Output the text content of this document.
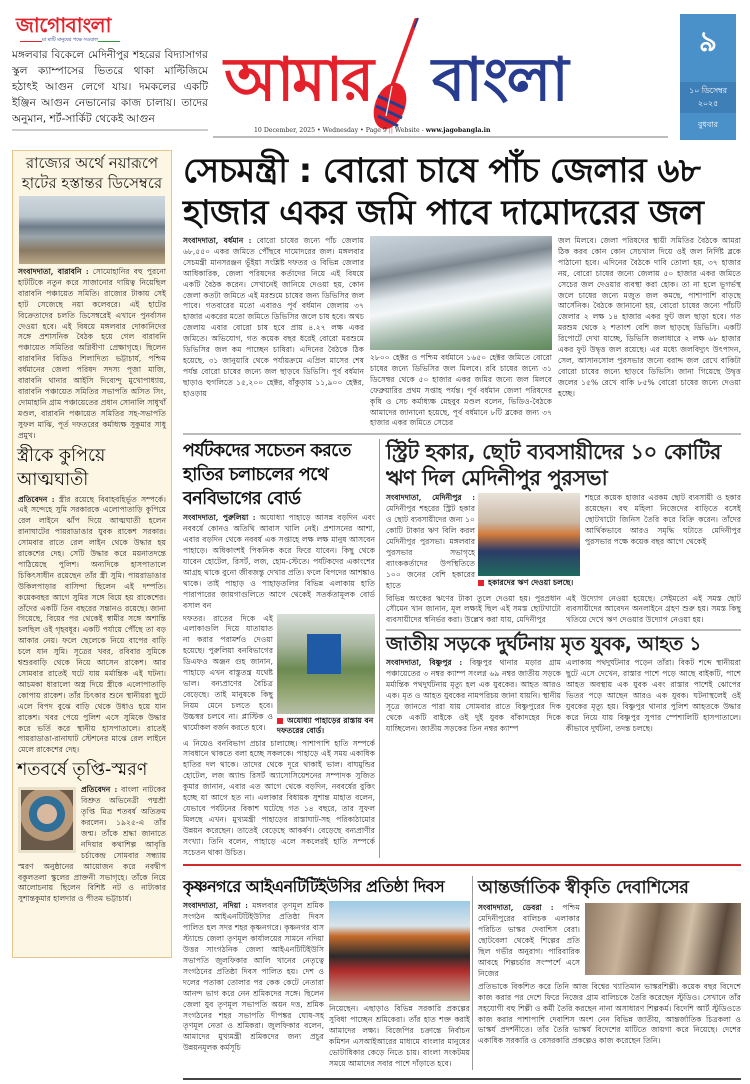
জাগোবাংলা
মা মাটি মানুষের পক্ষে সওয়াল
মঙ্গলবার বিকেলে মেদিনীপুর শহরের বিদ্যাসাগর স্কুল ক্যাম্পাসের ভিতরে থাকা মাল্টিজিমে হঠাৎই আগুন লেগে যায়। দমকলের একটি ইঞ্জিন আগুন নেভানোর কাজ চালায়। তাদের অনুমান, শর্ট-সার্কিট থেকেই আগুন
আমার বাংলা
10 December, 2025 • Wednesday • Page 9 || Website - www.jagobangla.in
৯
১০ ডিসেম্বর
২০২৫
বুধবার
রাজ্যের অর্থে নয়ারূপে হাটের হস্তান্তর ডিসেম্বরে
সংবাদদাতা, বারাবনি : সোমোহানির বহু পুরনো হাটটিকে নতুন করে সাজানোর দায়িত্ব নিয়েছিল বারাবনি পঞ্চায়েত সমিতি। রাজ্যের টাকায় সেই হাট সেজেছে নয়া কলেবরে। এই হাটের বিক্রেতাদের চলতি ডিসেম্বরেই এখানে পুনর্বাসন দেওয়া হবে। এই বিষয়ে মঙ্গলবার দোকানিদের সঙ্গে প্রশাসনিক বৈঠক হয়ে গেল বারাবনি পঞ্চায়েত সমিতির অগ্নিবীণা প্রেক্ষাগৃহে। ছিলেন বারাবনির বিডিও শিলাদিত্য ভট্টাচার্য, পশ্চিম বর্ধমানের জেলা পরিষদ সদস্য পূজা মাজি, বারাবনি থানার আইসি দিব্যেন্দু মুখোপাধ্যায়, বারাবনি পঞ্চায়েত সমিতির সভাপতি অসিত সিং, দোমাহানি গ্রাম পঞ্চায়েতের প্রধান সোনালি সাধুখাঁ মণ্ডল, বারাবনি পঞ্চায়েত সমিতির সহ-সভাপতি সুফল মাঝি, পূর্ত দফতরের কর্মাধ্যক্ষ সুকুমার সাধু প্রমুখ।
স্ত্রীকে কুপিয়ে আত্মঘাতী
প্রতিবেদন : স্ত্রীর রয়েছে বিবাহবহির্ভূত সম্পর্কে। এই সন্দেহে সুমি সরকারকে এলোপাতাড়ি কুপিয়ে রেল লাইনে ঝাঁপ দিয়ে আত্মঘাতী হলেন রানাঘাটের পায়রাডাঙার যুবক রাকেশ সরকার। সোমবার রাতে রেল লাইন থেকে উদ্ধার হয় রাকেশের দেহ। সেটি উদ্ধার করে ময়নাতদন্তে পাঠিয়েছে পুলিশ। অন্যদিকে হাসপাতালে চিকিৎসাধীন রয়েছেন তাঁর স্ত্রী সুমি। পায়রাডাঙার উকিলপাড়ার বাসিন্দা ছিলেন এই দম্পতি। কয়েকবছর আগে সুমির সঙ্গে বিয়ে হয় রাকেশের। তাঁদের একটি তিন বছরের সন্তানও রয়েছে। জানা গিয়েছে, বিয়ের পর থেকেই স্বামীর সঙ্গে অশান্তি চলছিল ওই গৃহবধূর। একটি পর্যায়ে পৌঁছে তা বড় আকার নেয়। ফলে ছেলেকে নিয়ে বাপের বাড়ি চলে যান সুমি। সূত্রের খবর, রবিবার সুমিকে শ্বশুরবাড়ি থেকে নিয়ে আসেন রাকেশ। আর সোমবার রাতেই ঘটে যায় মর্মান্তিক এই ঘটনা। আচমকা ধারালো অস্ত্র দিয়ে স্ত্রীকে এলোপাতাড়ি কোপায় রাকেশ। তাঁর চিৎকার শুনে স্থানীয়রা ছুটে এলে বিপদ বুঝে বাড়ি থেকে উধাও হয়ে যান রাকেশ। খবর পেয়ে পুলিশ এসে সুমিকে উদ্ধার করে ভর্তি করে স্থানীয় হাসপাতালে। রাতেই পায়রাডাঙা-রানাঘাট স্টেশনের মাঝে রেল লাইনে মেলে রাকেশের দেহ।
শতবর্ষে তৃপ্তি-স্মরণ
প্রতিবেদন : বাংলা নাটকের বিশ্রুত অভিনেত্রী পদ্মশ্রী তৃপ্তি মিত্র শতবর্ষ অতিক্রম করলেন। ১৯২৫-এ তাঁর জন্ম। তাঁকে শ্রদ্ধা জানাতে নদিয়ার কথাশিল্প আবৃত্তি চর্চাকেন্দ্র সোমবার সন্ধ্যায় স্মরণ অনুষ্ঠানের আয়োজন করে নবদ্বীপ বকুলতলা স্কুলের প্রাক্তনী সভাগৃহে। তাঁকে নিয়ে আলোচনায় ছিলেন বিশিষ্ট নট ও নাট্যকার সুশান্তকুমার হালদার ও পীতম ভট্টাচার্য।
সেচমন্ত্রী : বোরো চাষে পাঁচ জেলার ৬৮ হাজার একর জমি পাবে দামোদরের জল
সংবাদদাতা, বর্ধমান : বোরো চাষের জন্যে পাঁচ জেলায় ৬৮,৫৫০ একর জমিতে পৌঁছবে দামোদরের জল। মঙ্গলবার সেচমন্ত্রী মানসরঞ্জন ভূঁইয়া সংশ্লিষ্ট দফতর ও বিভিন্ন জেলার আধিকারিক, জেলা পরিষদের কর্তাদের নিয়ে এই বিষয়ে একটি বৈঠক করেন। সেখানেই জানিয়ে দেওয়া হয়, কোন জেলা কতটা জমিতে এই মরশুমে চাষের জন্য ডিভিসির জল পাবে। গতবারের মতো এবারও পূর্ব বর্ধমান জেলায় ৩৭ হাজার একরের মতো জমিতে ডিভিসির জলে চাষ হবে। অথচ জেলায় এবার বোরো চাষ হবে প্রায় ৪.২৭ লক্ষ একর জমিতে। অভিযোগ, গত কয়েক বছর ধরেই বোরো মরশুমে ডিভিসির জল কম পাচ্ছেন চাষিরা। এদিনের বৈঠকে ঠিক হয়েছে, ৩১ জানুয়ারি থেকে পর্যায়ক্রমে এপ্রিল মাসের শেষ পর্যন্ত বোরো চাষের জন্যে জল ছাড়বে ডিভিসি। পূর্ব বর্ধমান ছাড়াও হুগলিতে ১৫,২০০ হেক্টর, বাঁকুড়ায় ১১,৯০০ হেক্টর, হাওড়ায়
২৮০০ হেক্টর ও পশ্চিম বর্ধমানে ১৬৫০ হেক্টর জমিতে বোরো চাষের জন্যে ডিভিসির জল মিলবে। রবি চাষের জন্যে ৩১ ডিসেম্বর থেকে ৫০ হাজার একর জমির জন্যে জল মিলবে ফেব্রুয়ারির প্রথম সপ্তাহ পর্যন্ত। পূর্ব বর্ধমান জেলা পরিষদের কৃষি ও সেচ কর্মাধ্যক্ষ মেহবুব মণ্ডল বলেন, ভিডিও-বৈঠকে আমাদের জানানো হয়েছে, পূর্ব বর্ধমানে ৮টি ব্লকের জন্য ৩৭ হাজার একর জমিতে সেচের
জল মিলবে। জেলা পরিষদের স্থায়ী সমিতির বৈঠকে আমরা ঠিক করব কোন কোন সেচখাল দিয়ে ওই জল নির্দিষ্ট ব্লকে পাঠানো হবে। এদিনের বৈঠকে দাবি তোলা হয়, ৩৭ হাজার নয়, বোরো চাষের জন্যে জেলায় ৫০ হাজার একর জমিতে সেচের জল দেওয়ার ব্যবস্থা করা হোক। তা না হলে ভূগর্ভস্থ জলে চাষের জন্যে মজুত জল কমছে, পাশাপাশি বাড়ছে আর্সেনিক। বৈঠকে জানানো হয়, বোরো চাষের জন্যে পাঁচটি জেলার ২ লক্ষ ১৪ হাজার একর ফুট জল ছাড়া হবে। গত মরশুম থেকে ২ শতাংশ বেশি জল ছাড়ছে ডিভিসি। একটি রিপোর্টে দেখা যাচ্ছে, ডিভিসি জলাধারে ২ লক্ষ ৬৮ হাজার একর ফুট উদ্বৃত্ত জল রয়েছে। এর মধ্যে জলবিদ্যুৎ উৎপাদন, সেল, আসানসোল পুরসভার জন্যে বরাদ্দ জল রেখে বাকিটা বোরো চাষের জন্যে ছাড়বে ডিভিসি। জানা গিয়েছে উদ্বৃত্ত জলের ১৫% রেখে বাকি ৮৫% বোরো চাষের জন্যে দেওয়া হচ্ছে।
পর্যটকদের সচেতন করতে হাতির চলাচলের পথে বনবিভাগের বোর্ড
সংবাদদাতা, পুরুলিয়া : অযোধ্যা পাহাড়ে আসন্ন বড়দিন এবং নববর্ষে কোনও অতিথি আবাস খালি নেই। প্রশাসনের আশা, এবার বড়দিন থেকে নববর্ষ এক সপ্তাহে লক্ষ লক্ষ মানুষ আসবেন পাহাড়ে। অধিকাংশই পিকনিক করে ফিরে যাবেন। কিছু থেকে যাবেন হোটেল, রিসর্ট, লজ, হোম-স্টেতে। পর্যটকদের একাংশের আগ্রহ থাকে বুনো জীবজন্তু দেখার প্রতি। ফলে বিপদের আশঙ্কাও থাকে। তাই পাহাড় ও পাহাড়তলির বিভিন্ন এলাকায় হাতি পারাপারের জায়গাগুলিতে আগে থেকেই সতর্কতামূলক বোর্ড বসাল বন
দফতর। রাতের দিকে এই এলাকাগুলি দিয়ে যাতায়াত না করার পরামর্শও দেওয়া হয়েছে। পুরুলিয়া বনবিভাগের ডিএফও অঞ্জন গুহ জানান, পাহাড়ে এখন বাস্তুতন্ত্র যথেষ্ট ভাল। বন্যপ্রাণের বৈচিত্র বেড়েছে। তাই মানুষকে কিছু নিয়ম মেনে চলতে হবে। উচ্চস্বর চলবে না। প্লাস্টিক ও থার্মোকল বর্জন করতে হবে।
অযোধ্যা পাহাড়ের রাস্তায় বন দফতরের বোর্ড।
এ নিয়েও বনবিভাগ প্রচার চালাচ্ছে। পাশাপাশি হাতি সম্পর্কে সাবধানে থাকতে বলা হচ্ছে সকলকে। পাহাড়ে এই সময় একাধিক হাতির দল থাকে। তাদের থেকে দূরে থাকাই ভাল। বাঘমুন্ডির হোটেল, লজ অ্যান্ড রিসর্ট অ্যাসোসিয়েশনের সম্পাদক সুজিত কুমার জানান, এবার এত আগে থেকে বড়দিন, নববর্ষের বুকিং হচ্ছে যা আগে হত না। এলাকার বিধায়ক সুশান্ত মাহাত বলেন, যেভাবে পর্যটনের বিকাশ ঘটেছে গত ১৪ বছরে, তার সুফল মিলছে এখন। মুখ্যমন্ত্রী পাহাড়ের রাস্তাঘাট-সহ পরিকাঠামোর উন্নয়ন করেছেন। তাতেই বেড়েছে আকর্ষণ। বেড়েছে বন্যপ্রাণীর সংখ্যা। তিনি বলেন, পাহাড়ে এলে সকলেরই হাতি সম্পর্কে সচেতন থাকা উচিত।
স্ট্রিট হকার, ছোট ব্যবসায়ীদের ১০ কোটির ঋণ দিল মেদিনীপুর পুরসভা
সংবাদদাতা, মেদিনীপুর : মেদিনীপুর শহরের স্ট্রিট হকার ও ছোট ব্যবসায়ীদের জন্য ১০ কোটি টাকার ঋণ বিলি করল মেদিনীপুর পুরসভা। মঙ্গলবার পুরসভার সভাগৃহে ব্যাংককর্তাদের উপস্থিতিতে ১০০ জনের বেশি হকারের হাতে	হকারদের ঋণ দেওয়া চলছে।
শহরে কয়েক হাজার এরকম ছোট ব্যবসায়ী ও হকার রয়েছেন। বহু মহিলা নিজেদের বাড়িতে বসেই ছোটখাটো জিনিস তৈরি করে বিক্রি করেন। তাঁদের আর্থিকভাবে আরও সমৃদ্ধি ঘটাতে মেদিনীপুর পুরসভার পক্ষে কয়েক বছর আগে থেকেই
বিভিন্ন অংকের ঋণের টাকা তুলে দেওয়া হয়। পুরপ্রধান সৌমেন খান জানান, মূল লক্ষ্যই ছিল এই সমস্ত ছোটখাটো ব্যবসায়ীদের স্বনির্ভর করা। উল্লেখ করা যায়, মেদিনীপুর
এই উদ্যোগ নেওয়া হয়েছে। সেইমতো এই সমস্ত ছোট ব্যবসায়ীদের আবেদন অনলাইনে গ্রহণ শুরু হয়। সমস্ত কিছু খতিয়ে দেখে ঋণ দেওয়ার উদ্যোগ নেওয়া হয়।
জাতীয় সড়কে দুর্ঘটনায় মৃত যুবক, আহত ১
সংবাদদাতা, বিষ্ণুপুর : বিষ্ণুপুর থানার মড়ার গ্রাম পঞ্চায়েতের ৩ নম্বর ক্যাম্প সংলগ্ন ৬৯ নম্বর জাতীয় সড়কে মর্মান্তিক পথদুর্ঘটনায় মৃত্যু হল এক যুবকের। আহত আরও এক। মৃত ও আহত যুবকের নামপরিচয় জানা যায়নি। স্থানীয় সূত্রে জানতে পারা যায় সোমবার রাতে বিষ্ণুপুরের দিক থেকে একটি বাইকে ওই দুই যুবক বাঁকাদহের দিকে যাচ্ছিলেন। জাতীয় সড়কের তিন নম্বর ক্যাম্প
এলাকায় পথদুর্ঘটনার পড়েন তাঁরা। বিকট শব্দে স্থানীয়রা ছুটে এসে দেখেন, রাস্তার পাশে পড়ে আছে বাইকটি, পাশে আহত অবস্থায় এক যুবক এবং রাস্তার পাশেই ঝোপের ভিতর পড়ে আছেন আরও এক যুবক। ঘটনাস্থলেই ওই যুবকের মৃত্যু হয়। বিষ্ণুপুর থানার পুলিশ আহতকে উদ্ধার করে নিয়ে যায় বিষ্ণুপুর সুপার স্পেশালিটি হাসপাতালে। কীভাবে দুর্ঘটনা, তদন্ত চলছে।
কৃষ্ণনগরে আইএনটিটিইউসির প্রতিষ্ঠা দিবস
সংবাদদাতা, নদিয়া : মঙ্গলবার তৃণমূল শ্রমিক সংগঠন আইএনটিটিইউসির প্রতিষ্ঠা দিবস পালিত হল সদর শহর কৃষ্ণনগরে। কৃষ্ণনগর বাস স্ট্যান্ডে জেলা তৃণমূল কার্যালয়ের সামনে নদিয়া উত্তর সাংগঠনিক জেলা আইএনটিটিইউসি সভাপতি জুলফিকার আলি খানের নেতৃত্বে সংগঠনের প্রতিষ্ঠা দিবস পালিত হয়। দেশ ও দলের পতাকা তোলার পর কেক কেটে নেতারা আনন্দ ভাগ করে নেন শ্রমিকদের সঙ্গে। ছিলেন জেলা যুব তৃণমূল সভাপতি অয়ন দত্ত, শ্রমিক সংগঠনের শহর সভাপতি দীপঙ্কর ঘোষ-সহ তৃণমূল নেতা ও শ্রমিকরা। জুলফিকার বলেন, আমাদের মুখ্যমন্ত্রী শ্রমিকদের জন্য প্রচুর উন্নয়নমূলক কর্মসূচি
নিয়েছেন। এছাড়াও বিভিন্ন সরকারি প্রকল্পের সুবিধা পাচ্ছেন শ্রমিকেরা। তাঁর হাত শক্ত করাই আমাদের লক্ষ্য। বিজেপির চক্রান্তে নির্বাচন কমিশন এসআইআরের মাধ্যমে বাংলার মানুষের ভোটাধিকার কেড়ে নিতে চায়। বাংলা সংকটময় সময়ে আমাদের সবার পাশে দাঁড়াতে হবে।
আন্তর্জাতিক স্বীকৃতি দেবাশিসের
সংবাদদাতা, ডেবরা : পশ্চিম মেদিনীপুরের বালিচক এলাকার পরিচিত ভাস্কর দেবাশিস বেরা। ছোটবেলা থেকেই শিল্পের প্রতি ছিল গভীর অনুরাগ। পারিবারিক আবহে শিল্পচর্চার সংস্পর্শে এসে নিজের
প্রতিভাকে বিকশিত করে তিনি আজ বিশ্বের খ্যাতিমান ভাস্করশিল্পী। কয়েক বছর বিদেশে কাজ করার পর দেশে ফিরে নিজের গ্রাম বালিচকে তৈরি করেছেন স্টুডিও। সেখানে তাঁর সহযোগী বহু শিল্পী ও কর্মী তৈরি করছেন নানা অসাধারণ শিল্পকর্ম। বিদেশি আর্ট স্টুডিওতে কাজ করার পাশাপাশি দেবাশিস অংশ নেন বিভিন্ন জাতীয়, আন্তর্জাতিক চিত্রকলা ও ভাস্কর্য প্রদর্শনীতে। তাঁর তৈরি ভাস্কর্য বিদেশের মাটিতে জায়গা করে নিয়েছে। দেশের একাধিক সরকারি ও বেসরকারি প্রকল্পেও কাজ করেছেন তিনি।
